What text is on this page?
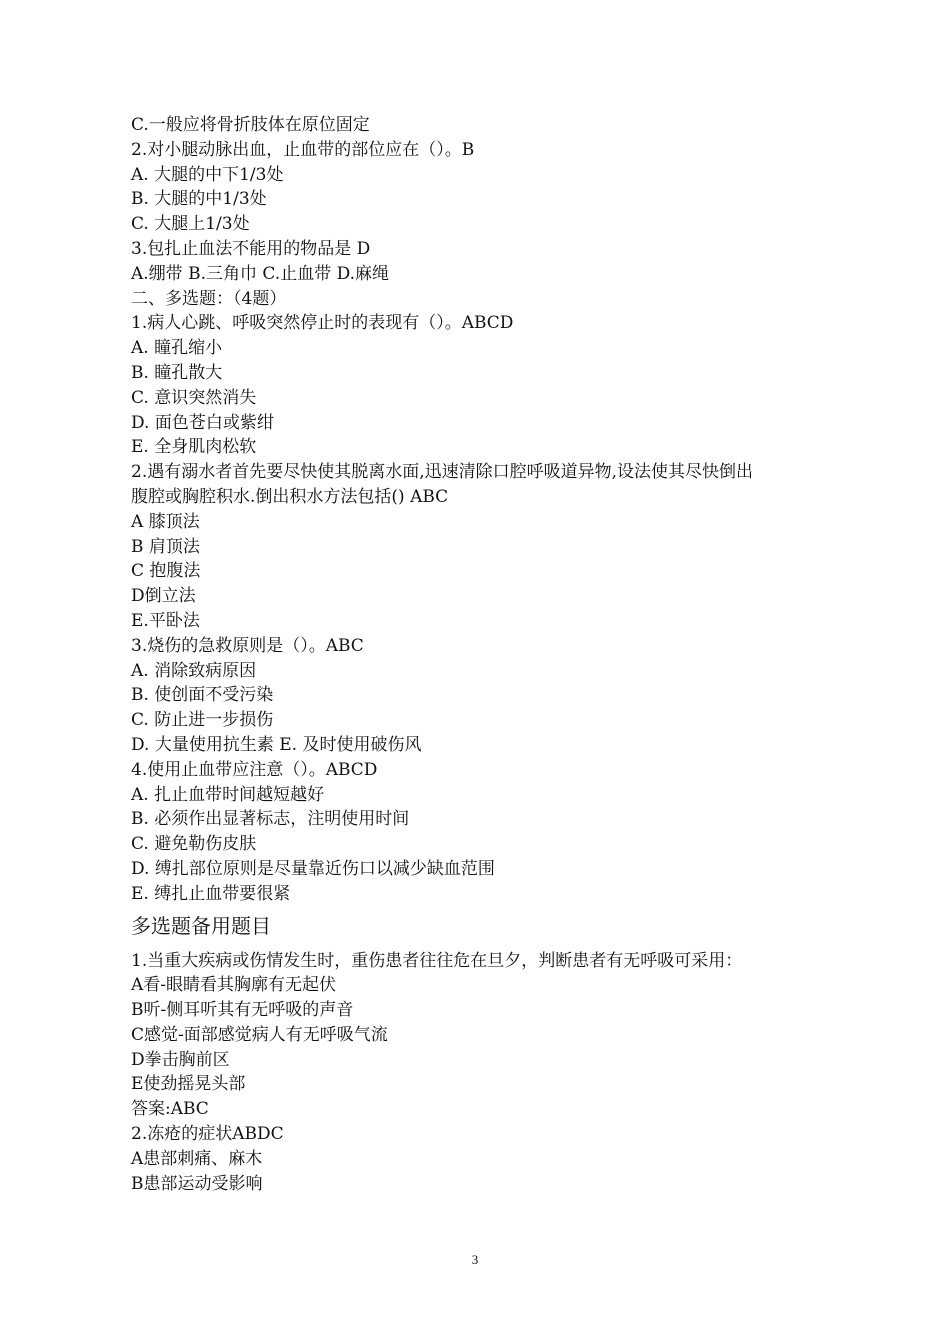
C.一般应将骨折肢体在原位固定
2.对小腿动脉出血，止血带的部位应在（）。B
A. 大腿的中下1/3处
B. 大腿的中1/3处
C. 大腿上1/3处
3.包扎止血法不能用的物品是 D
A.绷带 B.三角巾 C.止血带 D.麻绳
二、多选题：（4题）
1.病人心跳、呼吸突然停止时的表现有（）。ABCD
A. 瞳孔缩小
B. 瞳孔散大
C. 意识突然消失
D. 面色苍白或紫绀
E. 全身肌肉松软
2.遇有溺水者首先要尽快使其脱离水面,迅速清除口腔呼吸道异物,设法使其尽快倒出
腹腔或胸腔积水.倒出积水方法包括() ABC
A 膝顶法
B 肩顶法
C 抱腹法
D倒立法
E.平卧法
3.烧伤的急救原则是（）。ABC
A. 消除致病原因
B. 使创面不受污染
C. 防止进一步损伤
D. 大量使用抗生素 E. 及时使用破伤风
4.使用止血带应注意（）。ABCD
A. 扎止血带时间越短越好
B. 必须作出显著标志，注明使用时间
C. 避免勒伤皮肤
D. 缚扎部位原则是尽量靠近伤口以减少缺血范围
E. 缚扎止血带要很紧
多选题备用题目
1.当重大疾病或伤情发生时，重伤患者往往危在旦夕，判断患者有无呼吸可采用：
A看-眼睛看其胸廓有无起伏
B听-侧耳听其有无呼吸的声音
C感觉-面部感觉病人有无呼吸气流
D拳击胸前区
E使劲摇晃头部
答案:ABC
2.冻疮的症状ABDC
A患部刺痛、麻木
B患部运动受影响
3
